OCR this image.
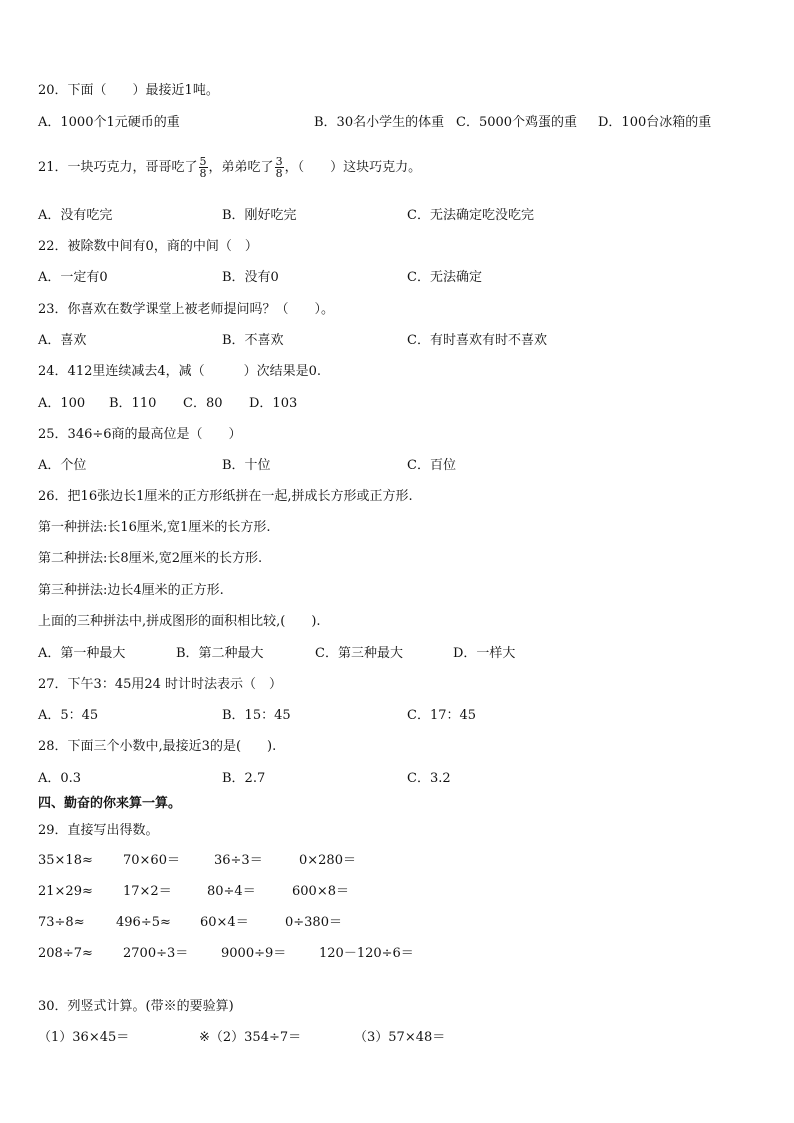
20．下面（　　）最接近1吨。
A．1000个1元硬币的重	B．30名小学生的体重 C．5000个鸡蛋的重 D．100台冰箱的重
21．一块巧克力，哥哥吃了 $\frac{5}{8}$ ，弟弟吃了 $\frac{3}{8}$ ，（　　）这块巧克力。
A．没有吃完	B．刚好吃完	C．无法确定吃没吃完
22．被除数中间有0，商的中间（　）
A．一定有0	B．没有0	C．无法确定
23．你喜欢在数学课堂上被老师提问吗？（　　）。
A．喜欢	B．不喜欢	C．有时喜欢有时不喜欢
24．412里连续减去4，减（　　　）次结果是0.
A．100 B．110 C．80 D．103
25．346÷6商的最高位是（　　）
A．个位	B．十位	C．百位
26．把16张边长1厘米的正方形纸拼在一起,拼成长方形或正方形.
第一种拼法:长16厘米,宽1厘米的长方形.
第二种拼法:长8厘米,宽2厘米的长方形.
第三种拼法:边长4厘米的正方形.
上面的三种拼法中,拼成图形的面积相比较,(　　).
A．第一种最大	B．第二种最大	C．第三种最大	D．一样大
27．下午3：45用24 时计时法表示（　）
A．5：45	B．15：45	C．17：45
28．下面三个小数中,最接近3的是(　　).
A．0.3	B．2.7	C．3.2
四、勤奋的你来算一算。
29．直接写出得数。
35×18≈ 70×60＝	36÷3＝	0×280＝
21×29≈ 17×2＝	80÷4＝	600×8＝
73÷8≈ 496÷5≈ 60×4＝	0÷380＝
208÷7≈ 2700÷3＝	9000÷9＝	120－120÷6＝
30．列竖式计算。(带※的要验算)
（1）36×45＝	※（2）354÷7＝	（3）57×48＝
